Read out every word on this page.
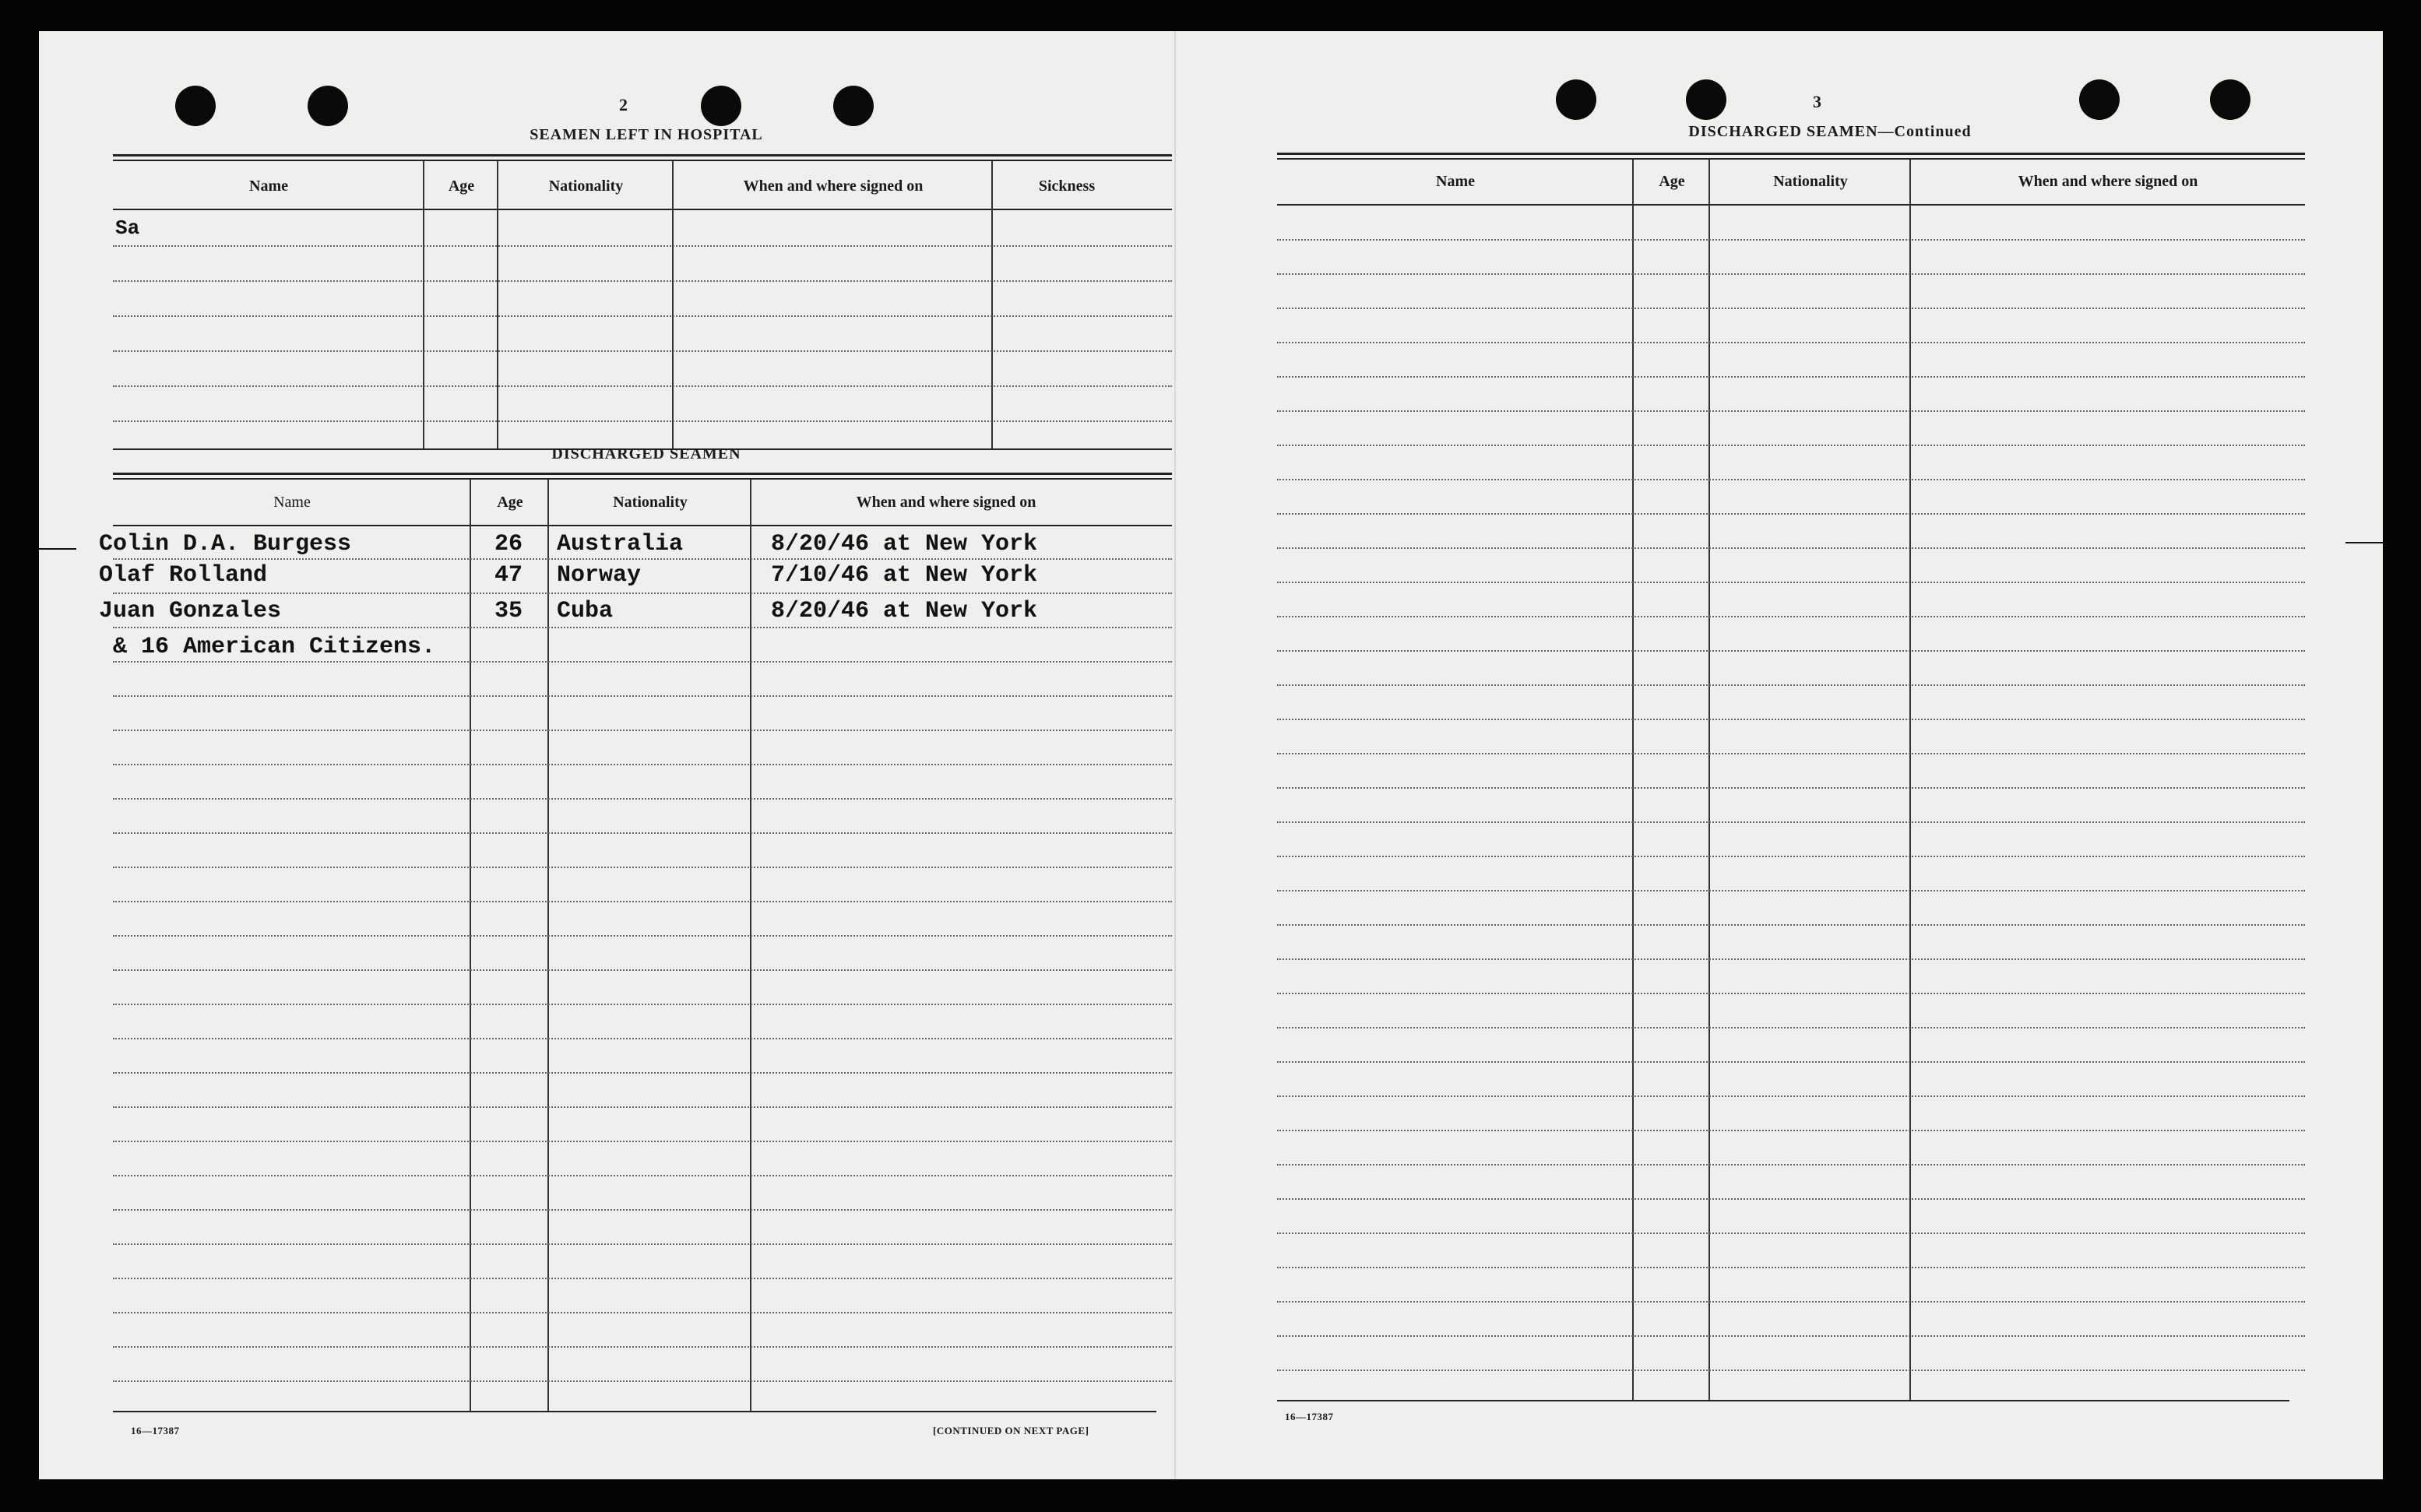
2
SEAMEN LEFT IN HOSPITAL
Name	Age	Nationality	When and where signed on	Sickness
Sa
DISCHARGED SEAMEN
Name	Age	Nationality	When and where signed on
Colin D.A. Burgess	26 Australia	8/20/46 at New York
Olaf Rolland	47 Norway	7/10/46 at New York
Juan Gonzales	35 Cuba	8/20/46 at New York
& 16 American Citizens.
16—17387	[CONTINUED ON NEXT PAGE]
3
DISCHARGED SEAMEN—Continued
Name	Age	Nationality	When and where signed on
16—17387
